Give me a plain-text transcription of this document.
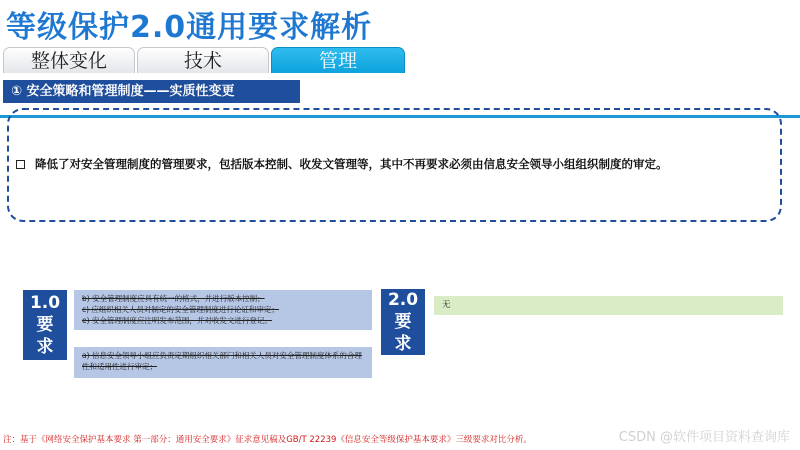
等级保护2.0通用要求解析
整体变化	技术	管理
① 安全策略和管理制度——实质性变更
降低了对安全管理制度的管理要求，包括版本控制、收发文管理等，其中不再要求必须由信息安全领导小组组织制度的审定。
1.0
要
求
b) 安全管理制度应具有统一的格式，并进行版本控制；
c) 应组织相关人员对制定的安全管理制度进行论证和审定；
e) 安全管理制度应注明发布范围，并对收发文进行登记。
a) 信息安全领导小组应负责定期组织相关部门和相关人员对安全管理制度体系的合理性和适用性进行审定；
2.0
要
求
无
注：基于《网络安全保护基本要求 第一部分：通用安全要求》征求意见稿及GB/T 22239《信息安全等级保护基本要求》三级要求对比分析。	CSDN @软件项目资料查询库
